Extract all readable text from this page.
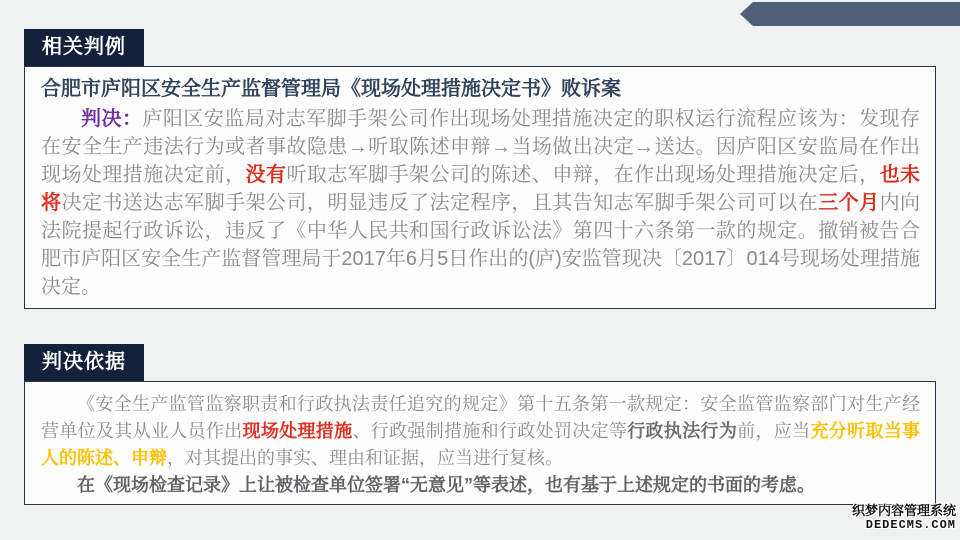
相关判例
合肥市庐阳区安全生产监督管理局《现场处理措施决定书》败诉案

判决：庐阳区安监局对志军脚手架公司作出现场处理措施决定的职权运行流程应该为：发现存在安全生产违法行为或者事故隐患→听取陈述申辩→当场做出决定→送达。因庐阳区安监局在作出现场处理措施决定前，没有听取志军脚手架公司的陈述、申辩，在作出现场处理措施决定后，也未将决定书送达志军脚手架公司，明显违反了法定程序，且其告知志军脚手架公司可以在三个月内向法院提起行政诉讼，违反了《中华人民共和国行政诉讼法》第四十六条第一款的规定。撤销被告合肥市庐阳区安全生产监督管理局于2017年6月5日作出的(庐)安监管现决〔2017〕014号现场处理措施决定。

判决依据

《安全生产监管监察职责和行政执法责任追究的规定》第十五条第一款规定：安全监管监察部门对生产经营单位及其从业人员作出现场处理措施、行政强制措施和行政处罚决定等行政执法行为前，应当充分听取当事人的陈述、申辩，对其提出的事实、理由和证据，应当进行复核。

在《现场检查记录》上让被检查单位签署“无意见”等表述，也有基于上述规定的书面的考虑。

织梦内容管理系统
DEDECMS.COM
